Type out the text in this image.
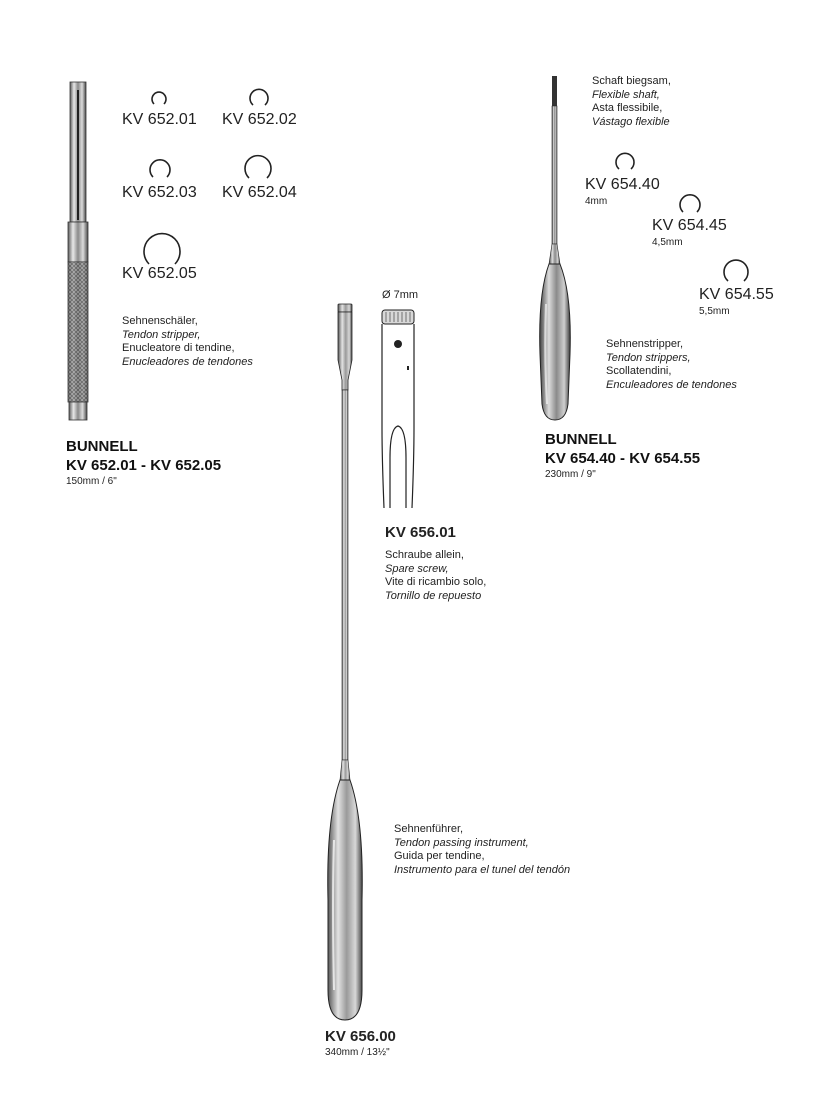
KV 652.01 KV 652.02
KV 652.03 KV 652.04
KV 652.05
Sehnenschäler,
Tendon stripper,
Enucleatore di tendine,
Enucleadores de tendones
BUNNELL
KV 652.01 - KV 652.05
150mm / 6"
KV 656.00
340mm / 13½"
Sehnenführer,
Tendon passing instrument,
Guida per tendine,
Instrumento para el tunel del tendón
Ø 7mm
KV 656.01
Schraube allein,
Spare screw,
Vite di ricambio solo,
Tornillo de repuesto
Schaft biegsam,
Flexible shaft,
Asta flessibile,
Vástago flexible
KV 654.40
4mm
KV 654.45
4,5mm
KV 654.55
5,5mm
Sehnenstripper,
Tendon strippers,
Scollatendini,
Enculeadores de tendones
BUNNELL
KV 654.40 - KV 654.55
230mm / 9"
